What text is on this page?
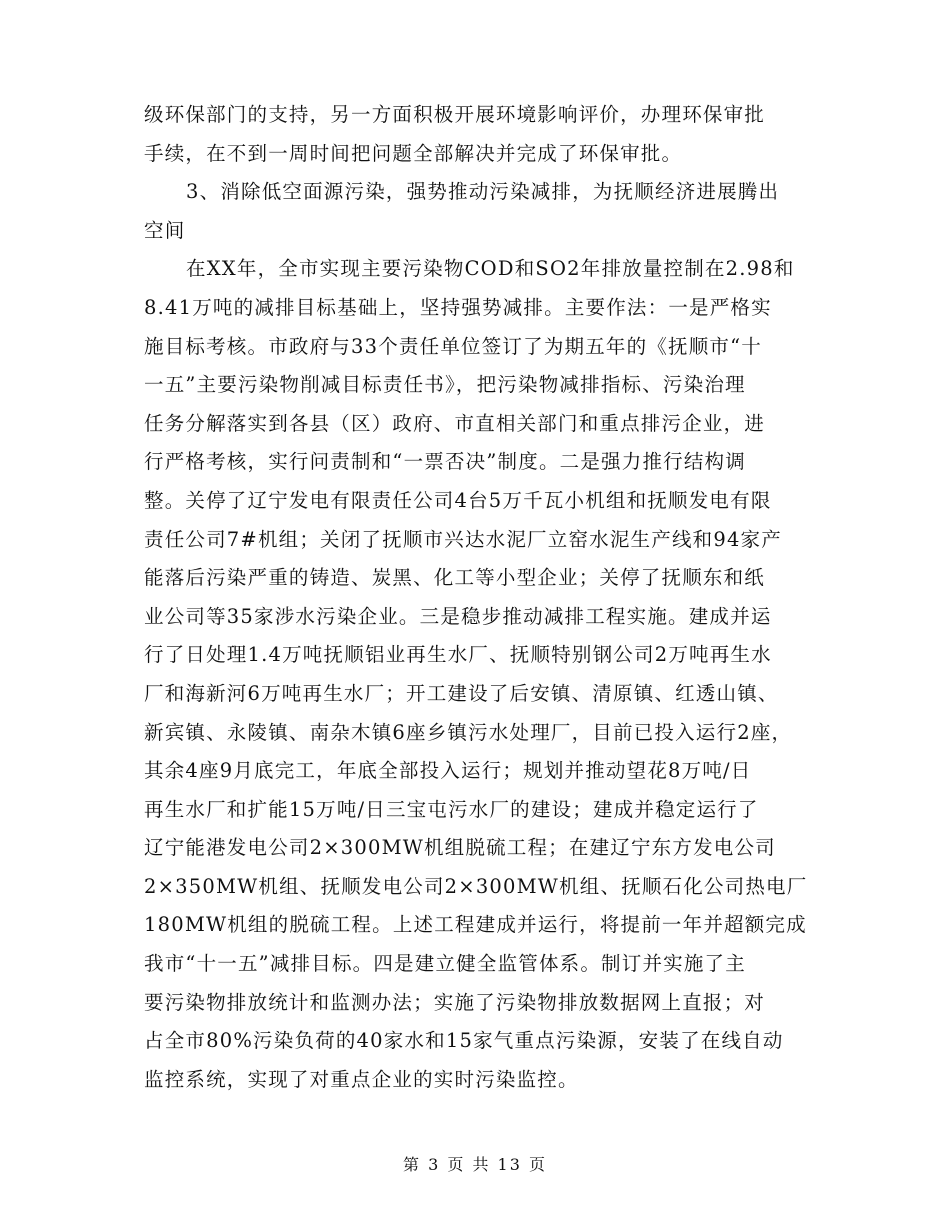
级环保部门的支持，另一方面积极开展环境影响评价，办理环保审批
手续，在不到一周时间把问题全部解决并完成了环保审批。
3、消除低空面源污染，强势推动污染减排，为抚顺经济进展腾出
空间
在XX年，全市实现主要污染物COD和SO2年排放量控制在2.98和
8.41万吨的减排目标基础上，坚持强势减排。主要作法：一是严格实
施目标考核。市政府与33个责任单位签订了为期五年的《抚顺市“十
一五”主要污染物削减目标责任书》，把污染物减排指标、污染治理
任务分解落实到各县（区）政府、市直相关部门和重点排污企业，进
行严格考核，实行问责制和“一票否决”制度。二是强力推行结构调
整。关停了辽宁发电有限责任公司4台5万千瓦小机组和抚顺发电有限
责任公司7#机组；关闭了抚顺市兴达水泥厂立窑水泥生产线和94家产
能落后污染严重的铸造、炭黑、化工等小型企业；关停了抚顺东和纸
业公司等35家涉水污染企业。三是稳步推动减排工程实施。建成并运
行了日处理1.4万吨抚顺铝业再生水厂、抚顺特别钢公司2万吨再生水
厂和海新河6万吨再生水厂；开工建设了后安镇、清原镇、红透山镇、
新宾镇、永陵镇、南杂木镇6座乡镇污水处理厂，目前已投入运行2座，
其余4座9月底完工，年底全部投入运行；规划并推动望花8万吨/日
再生水厂和扩能15万吨/日三宝屯污水厂的建设；建成并稳定运行了
辽宁能港发电公司2×300MW机组脱硫工程；在建辽宁东方发电公司
2×350MW机组、抚顺发电公司2×300MW机组、抚顺石化公司热电厂
180MW机组的脱硫工程。上述工程建成并运行，将提前一年并超额完成
我市“十一五”减排目标。四是建立健全监管体系。制订并实施了主
要污染物排放统计和监测办法；实施了污染物排放数据网上直报；对
占全市80%污染负荷的40家水和15家气重点污染源，安装了在线自动
监控系统，实现了对重点企业的实时污染监控。
第 3 页 共 13 页
